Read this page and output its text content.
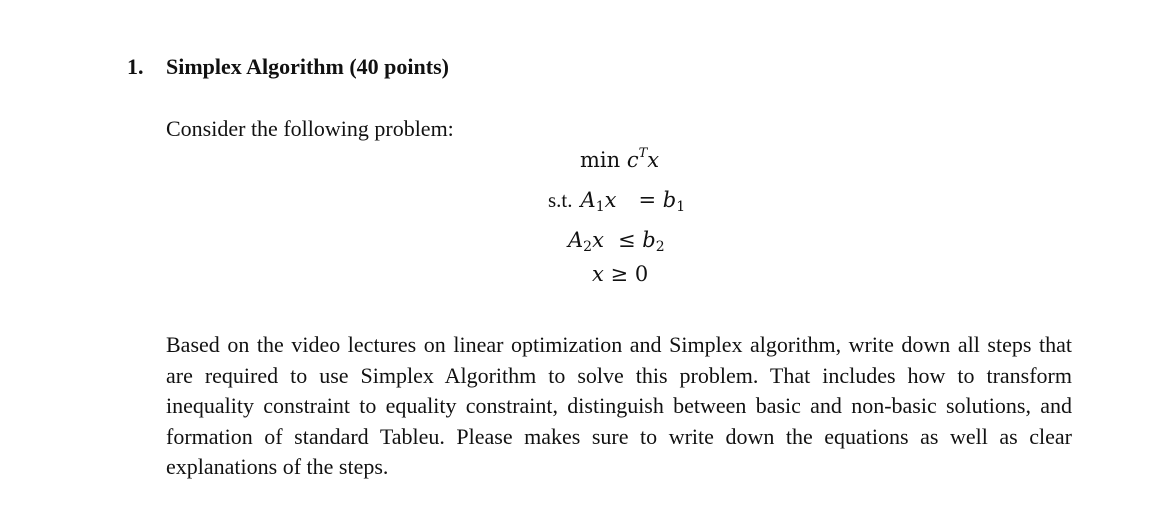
1. Simplex Algorithm (40 points)
Consider the following problem:
$\min c^Tx$
s.t. $A_1x = b_1$
$A_2x \le b_2$
x ≥ 0
Based on the video lectures on linear optimization and Simplex algorithm, write down all steps that are required to use Simplex Algorithm to solve this problem. That includes how to transform inequality constraint to equality constraint, distinguish between basic and non-basic solutions, and formation of standard Tableu. Please makes sure to write down the equations as well as clear explanations of the steps.
